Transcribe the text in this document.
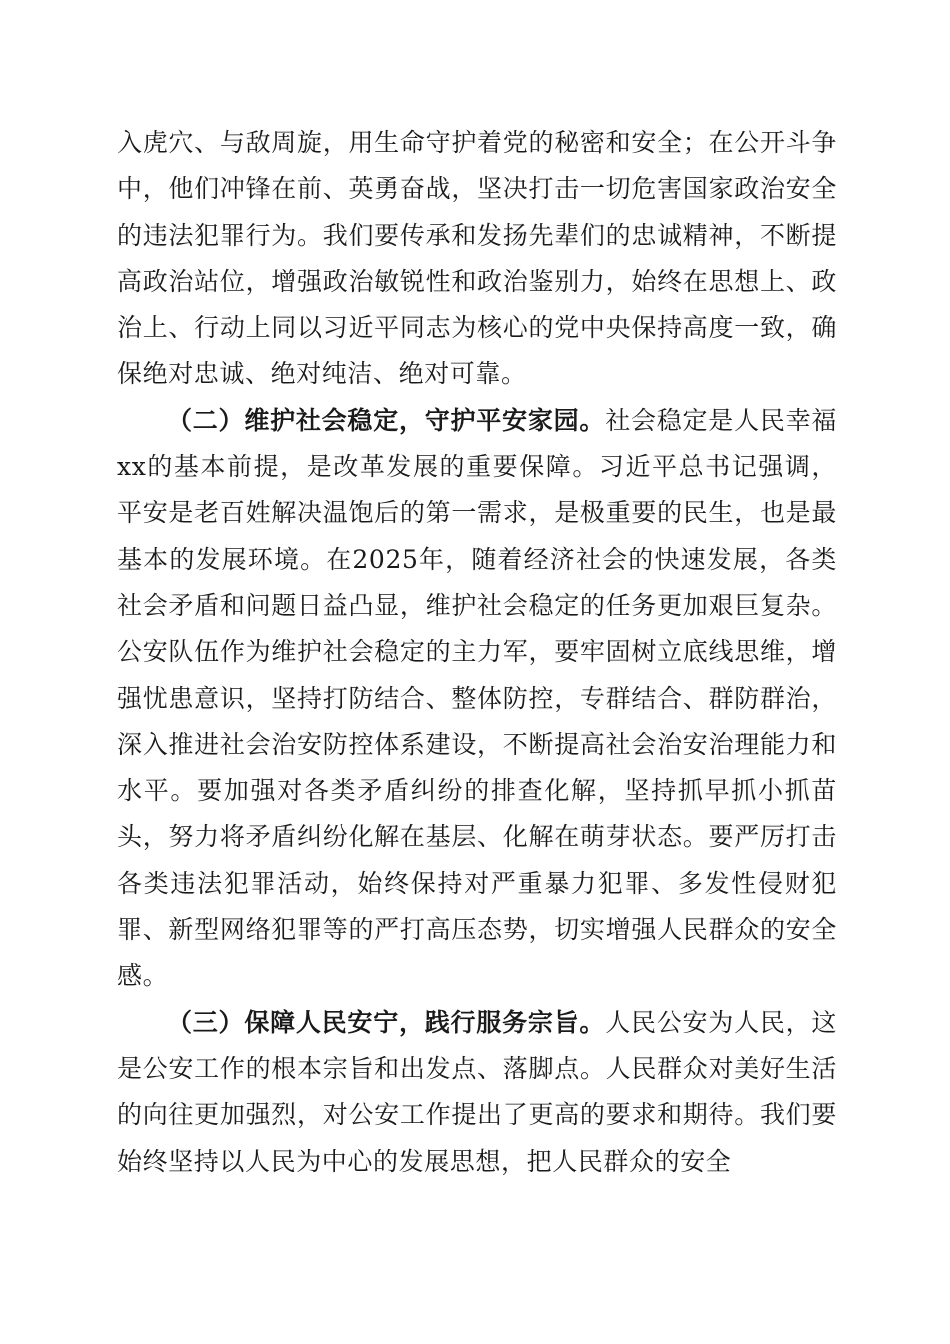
入虎穴、与敌周旋，用生命守护着党的秘密和安全；在公开斗争中，他们冲锋在前、英勇奋战，坚决打击一切危害国家政治安全的违法犯罪行为。我们要传承和发扬先辈们的忠诚精神，不断提高政治站位，增强政治敏锐性和政治鉴别力，始终在思想上、政治上、行动上同以习近平同志为核心的党中央保持高度一致，确保绝对忠诚、绝对纯洁、绝对可靠。

（二）维护社会稳定，守护平安家园。社会稳定是人民幸福xx的基本前提，是改革发展的重要保障。习近平总书记强调，平安是老百姓解决温饱后的第一需求，是极重要的民生，也是最基本的发展环境。在2025年，随着经济社会的快速发展，各类社会矛盾和问题日益凸显，维护社会稳定的任务更加艰巨复杂。公安队伍作为维护社会稳定的主力军，要牢固树立底线思维，增强忧患意识，坚持打防结合、整体防控，专群结合、群防群治，深入推进社会治安防控体系建设，不断提高社会治安治理能力和水平。要加强对各类矛盾纠纷的排查化解，坚持抓早抓小抓苗头，努力将矛盾纠纷化解在基层、化解在萌芽状态。要严厉打击各类违法犯罪活动，始终保持对严重暴力犯罪、多发性侵财犯罪、新型网络犯罪等的严打高压态势，切实增强人民群众的安全感。

（三）保障人民安宁，践行服务宗旨。人民公安为人民，这是公安工作的根本宗旨和出发点、落脚点。人民群众对美好生活的向往更加强烈，对公安工作提出了更高的要求和期待。我们要始终坚持以人民为中心的发展思想，把人民群众的安全
